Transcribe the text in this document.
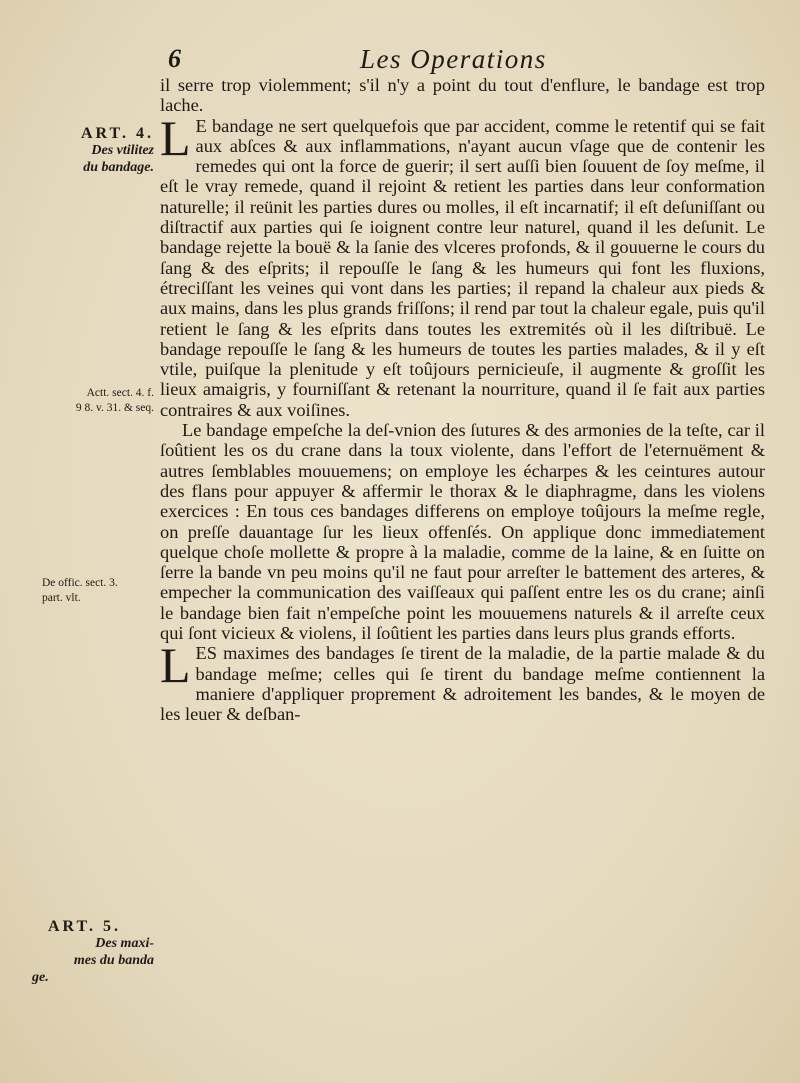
6	Les Operations
ART. 4.
Des vtilitez
du bandage.
Actt. sect. 4. f.
9 8. v. 31. & seq.
De offic. sect. 3.
part. vlt.
ART. 5.
Des maxi-
mes du banda
ge.

il serre trop violemment; s'il n'y a point du tout d'enflure, le bandage est trop lache.

L E bandage ne sert quelquefois que par accident, comme le retentif qui se fait aux abſces & aux inflammations, n'ayant aucun vſage que de contenir les remedes qui ont la force de guerir; il sert auſſi bien ſouuent de ſoy meſme, il eſt le vray remede, quand il rejoint & retient les parties dans leur conformation naturelle; il reünit les parties dures ou molles, il eſt incarnatif; il eſt deſuniſſant ou diſtractif aux parties qui ſe ioignent contre leur naturel, quand il les deſunit. Le bandage rejette la bouë & la ſanie des vlceres profonds, & il gouuerne le cours du ſang & des eſprits; il repouſſe le ſang & les humeurs qui font les fluxions, étreciſſant les veines qui vont dans les parties; il repand la chaleur aux pieds & aux mains, dans les plus grands friſſons; il rend par tout la chaleur egale, puis qu'il retient le ſang & les eſprits dans toutes les extremités où il les diſtribuë. Le bandage repouſſe le ſang & les humeurs de toutes les parties malades, & il y eſt vtile, puiſque la plenitude y eſt toûjours pernicieuſe, il augmente & groſſit les lieux amaigris, y fourniſſant & retenant la nourriture, quand il ſe fait aux parties contraires & aux voiſines.

Le bandage empeſche la deſ-vnion des ſutures & des armonies de la teſte, car il ſoûtient les os du crane dans la toux violente, dans l'effort de l'eternuëment & autres ſemblables mouuemens; on employe les écharpes & les ceintures autour des flans pour appuyer & affermir le thorax & le diaphragme, dans les violens exercices : En tous ces bandages differens on employe toûjours la meſme regle, on preſſe dauantage ſur les lieux offenſés. On applique donc immediatement quelque choſe mollette & propre à la maladie, comme de la laine, & en ſuitte on ſerre la bande vn peu moins qu'il ne faut pour arreſter le battement des arteres, & empecher la communication des vaiſſeaux qui paſſent entre les os du crane; ainſi le bandage bien fait n'empeſche point les mouuemens naturels & il arreſte ceux qui ſont vicieux & violens, il ſoûtient les parties dans leurs plus grands efforts.

LES maximes des bandages ſe tirent de la maladie, de la partie malade & du bandage meſme; celles qui ſe tirent du bandage meſme contiennent la maniere d'appliquer proprement & adroitement les bandes, & le moyen de les leuer & deſban-
